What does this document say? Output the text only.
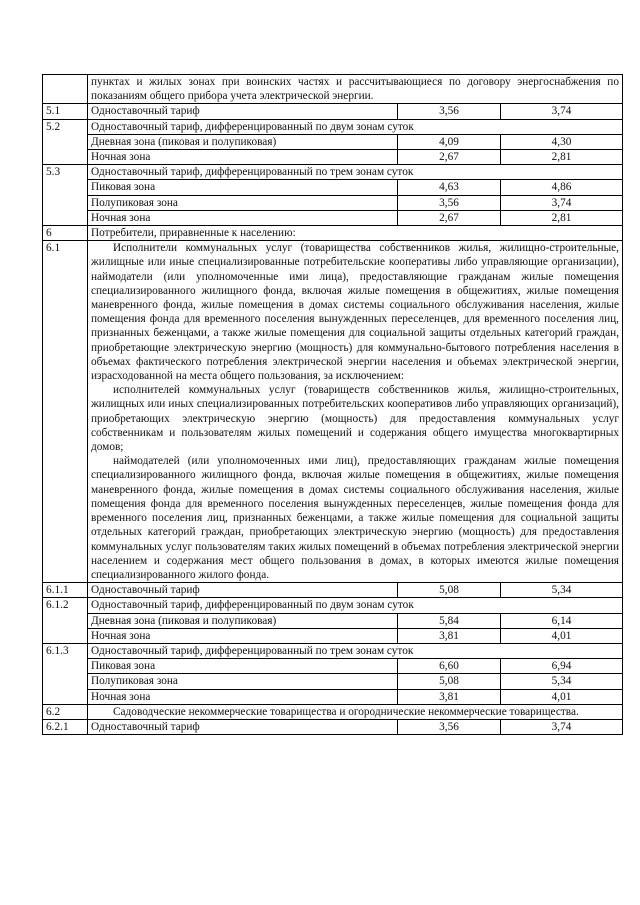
	пунктах и жилых зонах при воинских частях и рассчитывающиеся по договору энергоснабжения по показаниям общего прибора учета электрической энергии.		

5.1	Одноставочный тариф	3,56	3,74
5.2	Одноставочный тариф, дифференцированный по двум зонам суток		
	Дневная зона (пиковая и полупиковая)	4,09	4,30
	Ночная зона	2,67	2,81
5.3	Одноставочный тариф, дифференцированный по трем зонам суток		
	Пиковая зона	4,63	4,86
	Полупиковая зона	3,56	3,74
	Ночная зона	2,67	2,81
6	Потребители, приравненные к населению:		
6.1	Исполнители коммунальных услуг (товарищества собственников жилья, жилищно-строительные, жилищные или иные специализированные потребительские кооперативы либо управляющие организации), наймодатели (или уполномоченные ими лица), предоставляющие гражданам жилые помещения специализированного жилищного фонда, включая жилые помещения в общежитиях, жилые помещения маневренного фонда, жилые помещения в домах системы социального обслуживания населения, жилые помещения фонда для временного поселения вынужденных переселенцев, для временного поселения лиц, признанных беженцами, а также жилые помещения для социальной защиты отдельных категорий граждан, приобретающие электрическую энергию (мощность) для коммунально-бытового потребления населения в объемах фактического потребления электрической энергии населения и объемах электрической энергии, израсходованной на места общего пользования, за исключением:
исполнителей коммунальных услуг (товариществ собственников жилья, жилищно-строительных, жилищных или иных специализированных потребительских кооперативов либо управляющих организаций), приобретающих электрическую энергию (мощность) для предоставления коммунальных услуг собственникам и пользователям жилых помещений и содержания общего имущества многоквартирных домов;
наймодателей (или уполномоченных ими лиц), предоставляющих гражданам жилые помещения специализированного жилищного фонда, включая жилые помещения в общежитиях, жилые помещения маневренного фонда, жилые помещения в домах системы социального обслуживания населения, жилые помещения фонда для временного поселения вынужденных переселенцев, жилые помещения фонда для временного поселения лиц, признанных беженцами, а также жилые помещения для социальной защиты отдельных категорий граждан, приобретающих электрическую энергию (мощность) для предоставления коммунальных услуг пользователям таких жилых помещений в объемах потребления электрической энергии населением и содержания мест общего пользования в домах, в которых имеются жилые помещения специализированного жилого фонда.		

6.1.1	Одноставочный тариф	5,08	5,34
6.1.2	Одноставочный тариф, дифференцированный по двум зонам суток		
	Дневная зона (пиковая и полупиковая)	5,84	6,14
	Ночная зона	3,81	4,01
6.1.3	Одноставочный тариф, дифференцированный по трем зонам суток		
	Пиковая зона	6,60	6,94
	Полупиковая зона	5,08	5,34
	Ночная зона	3,81	4,01
6.2	Садоводческие некоммерческие товарищества и огороднические некоммерческие товарищества.		

6.2.1	Одноставочный тариф	3,56	3,74
